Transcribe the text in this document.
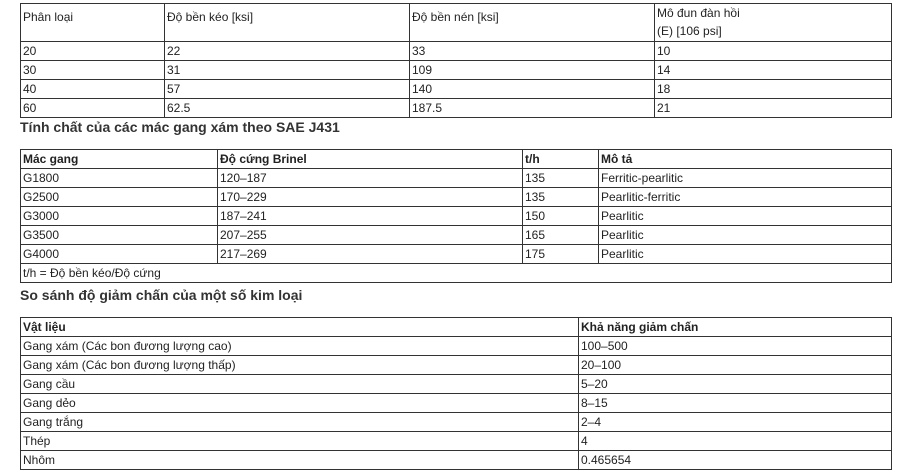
Phân loại	Độ bền kéo [ksi]	Độ bền nén [ksi]	Mô đun đàn hồi
(E) [106 psi]

20	22	33	10
30	31	109	14
40	57	140	18
60	62.5	187.5	21
Tính chất của các mác gang xám theo SAE J431
Mác gang	Độ cứng Brinel	t/h	Mô tả
G1800	120–187	135	Ferritic-pearlitic
G2500	170–229	135	Pearlitic-ferritic
G3000	187–241	150	Pearlitic
G3500	207–255	165	Pearlitic
G4000	217–269	175	Pearlitic
t/h = Độ bền kéo/Độ cứng			
So sánh độ giảm chấn của một số kim loại
Vật liệu	Khả năng giảm chấn
Gang xám (Các bon đương lượng cao)	100–500
Gang xám (Các bon đương lượng thấp)	20–100
Gang cầu	5–20
Gang dẻo	8–15
Gang trắng	2–4
Thép	4
Nhôm	0.465654
